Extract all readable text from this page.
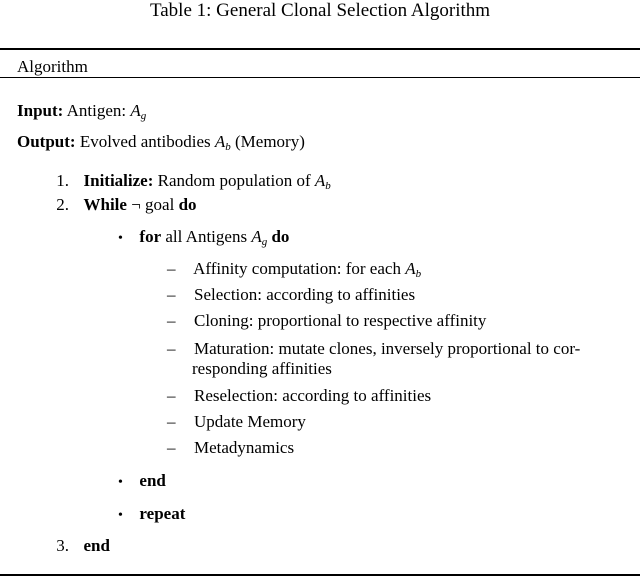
Table 1: General Clonal Selection Algorithm
Algorithm
Input: Antigen: $A_g$
Output: Evolved antibodies $A_b$ (Memory)
1. Initialize: Random population of $A_b$
2. While ¬ goal do
• for all Antigens $A_g$ do
– Affinity computation: for each $A_b$
– Selection: according to affinities
– Cloning: proportional to respective affinity
– Maturation: mutate clones, inversely proportional to cor-
responding affinities
– Reselection: according to affinities
– Update Memory
– Metadynamics
• end
• repeat
3. end
